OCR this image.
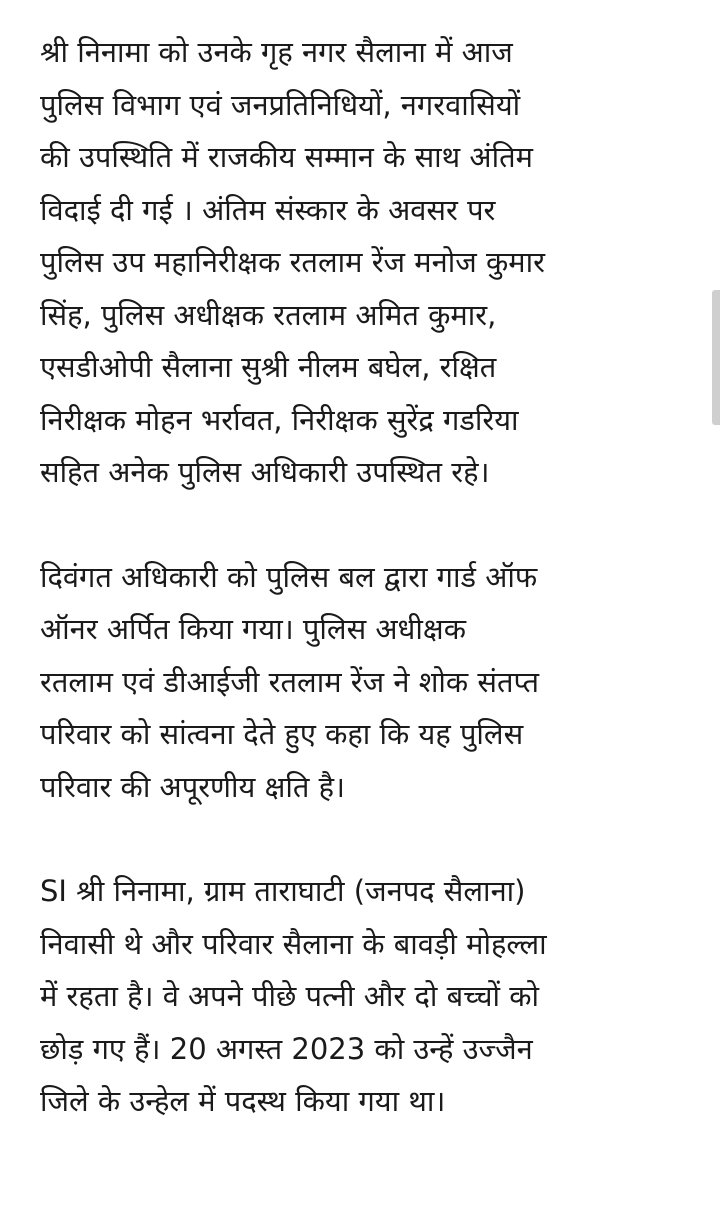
श्री निनामा को उनके गृह नगर सैलाना में आज
पुलिस विभाग एवं जनप्रतिनिधियों, नगरवासियों
की उपस्थिति में राजकीय सम्मान के साथ अंतिम
विदाई दी गई । अंतिम संस्कार के अवसर पर
पुलिस उप महानिरीक्षक रतलाम रेंज मनोज कुमार
सिंह, पुलिस अधीक्षक रतलाम अमित कुमार,
एसडीओपी सैलाना सुश्री नीलम बघेल, रक्षित
निरीक्षक मोहन भर्रावत, निरीक्षक सुरेंद्र गडरिया
सहित अनेक पुलिस अधिकारी उपस्थित रहे।

दिवंगत अधिकारी को पुलिस बल द्वारा गार्ड ऑफ
ऑनर अर्पित किया गया। पुलिस अधीक्षक
रतलाम एवं डीआईजी रतलाम रेंज ने शोक संतप्त
परिवार को सांत्वना देते हुए कहा कि यह पुलिस
परिवार की अपूरणीय क्षति है।

SI श्री निनामा, ग्राम ताराघाटी (जनपद सैलाना)
निवासी थे और परिवार सैलाना के बावड़ी मोहल्ला
में रहता है। वे अपने पीछे पत्नी और दो बच्चों को
छोड़ गए हैं। 20 अगस्त 2023 को उन्हें उज्जैन
जिले के उन्हेल में पदस्थ किया गया था।
